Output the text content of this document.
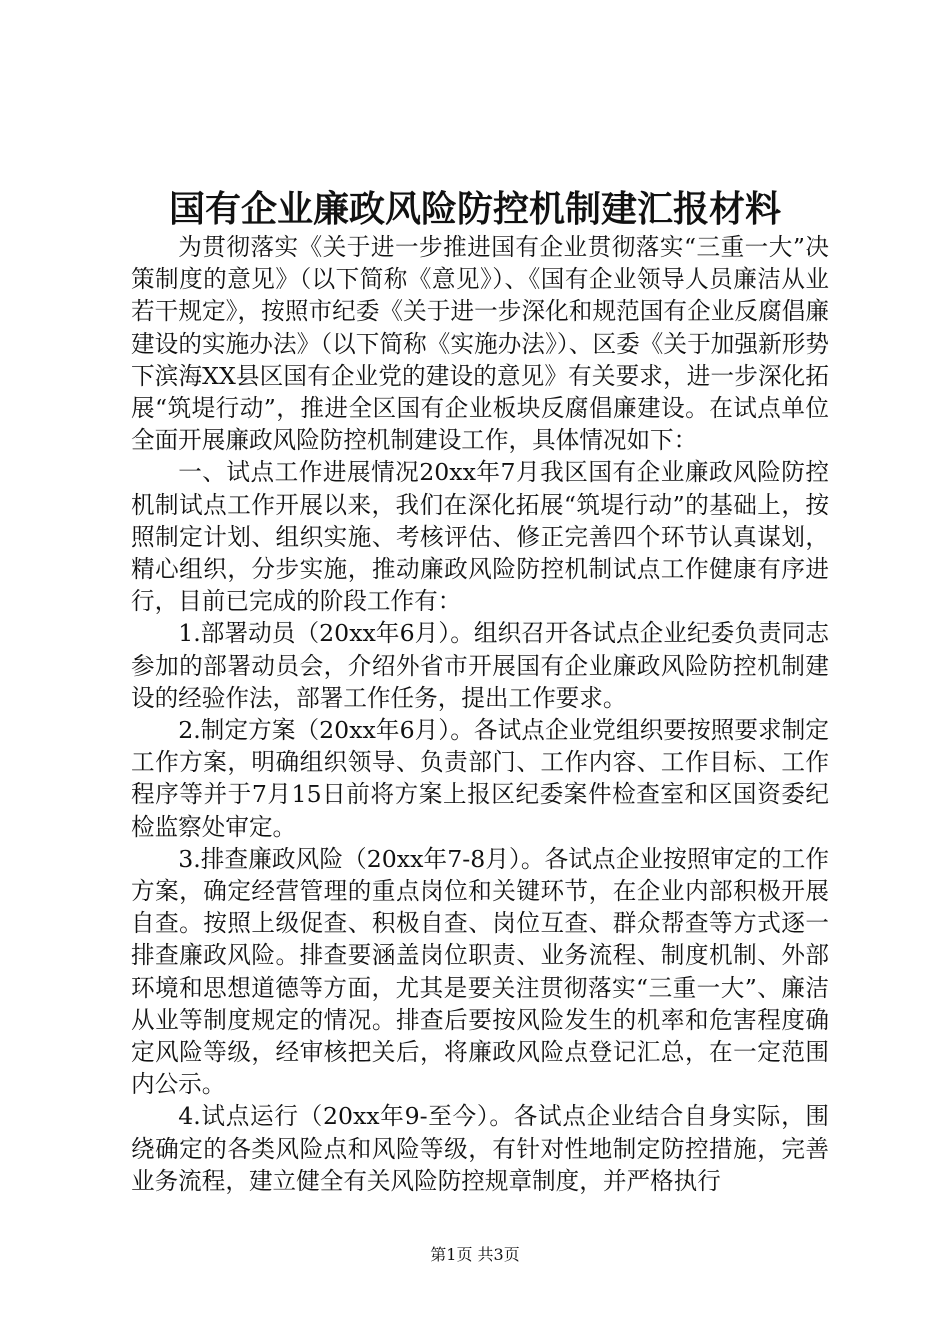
国有企业廉政风险防控机制建汇报材料

为贯彻落实《关于进一步推进国有企业贯彻落实“三重一大”决策制度的意见》（以下简称《意见》）、《国有企业领导人员廉洁从业若干规定》，按照市纪委《关于进一步深化和规范国有企业反腐倡廉建设的实施办法》（以下简称《实施办法》）、区委《关于加强新形势下滨海XX县区国有企业党的建设的意见》有关要求，进一步深化拓展“筑堤行动”，推进全区国有企业板块反腐倡廉建设。在试点单位全面开展廉政风险防控机制建设工作，具体情况如下：

一、试点工作进展情况20xx年7月我区国有企业廉政风险防控机制试点工作开展以来，我们在深化拓展“筑堤行动”的基础上，按照制定计划、组织实施、考核评估、修正完善四个环节认真谋划，精心组织，分步实施，推动廉政风险防控机制试点工作健康有序进行，目前已完成的阶段工作有：

1.部署动员（20xx年6月）。组织召开各试点企业纪委负责同志参加的部署动员会，介绍外省市开展国有企业廉政风险防控机制建设的经验作法，部署工作任务，提出工作要求。

2.制定方案（20xx年6月）。各试点企业党组织要按照要求制定工作方案，明确组织领导、负责部门、工作内容、工作目标、工作程序等并于7月15日前将方案上报区纪委案件检查室和区国资委纪检监察处审定。

3.排查廉政风险（20xx年7-8月）。各试点企业按照审定的工作方案，确定经营管理的重点岗位和关键环节，在企业内部积极开展自查。按照上级促查、积极自查、岗位互查、群众帮查等方式逐一排查廉政风险。排查要涵盖岗位职责、业务流程、制度机制、外部环境和思想道德等方面，尤其是要关注贯彻落实“三重一大”、廉洁从业等制度规定的情况。排查后要按风险发生的机率和危害程度确定风险等级，经审核把关后，将廉政风险点登记汇总，在一定范围内公示。

4.试点运行（20xx年9-至今）。各试点企业结合自身实际，围绕确定的各类风险点和风险等级，有针对性地制定防控措施，完善业务流程，建立健全有关风险防控规章制度，并严格执行

第1页 共3页
